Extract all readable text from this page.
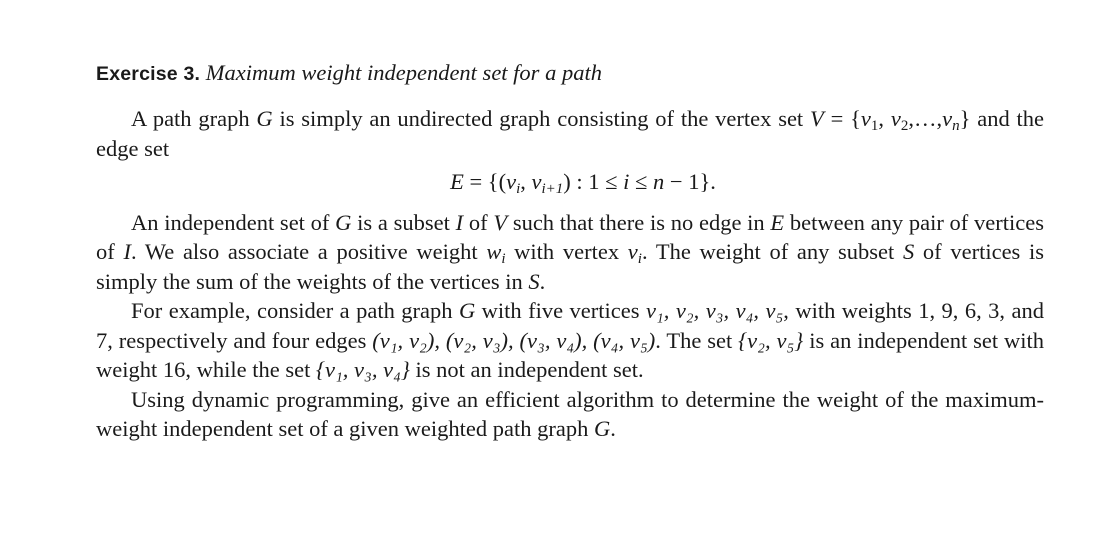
Exercise 3. Maximum weight independent set for a path

A path graph G is simply an undirected graph consisting of the vertex set $V = \{v_1$, $v_2,\dots,v_n$} and the edge set

$E = \{(v_i$, $v_{i+1}$) : 1 ≤ i ≤ n − 1}.

An independent set of G is a subset I of V such that there is no edge in E between any pair of vertices of I. We also associate a positive weight $w_i$ with vertex $v_i$. The weight of any subset S of vertices is simply the sum of the weights of the vertices in S.

For example, consider a path graph G with five vertices v₁, v₂, v₃, v₄, v₅, with weights 1, 9, 6, 3, and 7, respectively and four edges (v₁, v₂), (v₂, v₃), (v₃, v₄), (v₄, v₅). The set {v₂, v₅} is an independent set with weight 16, while the set {v₁, v₃, v₄} is not an independent set.

Using dynamic programming, give an efficient algorithm to determine the weight of the maximum-weight independent set of a given weighted path graph G.
